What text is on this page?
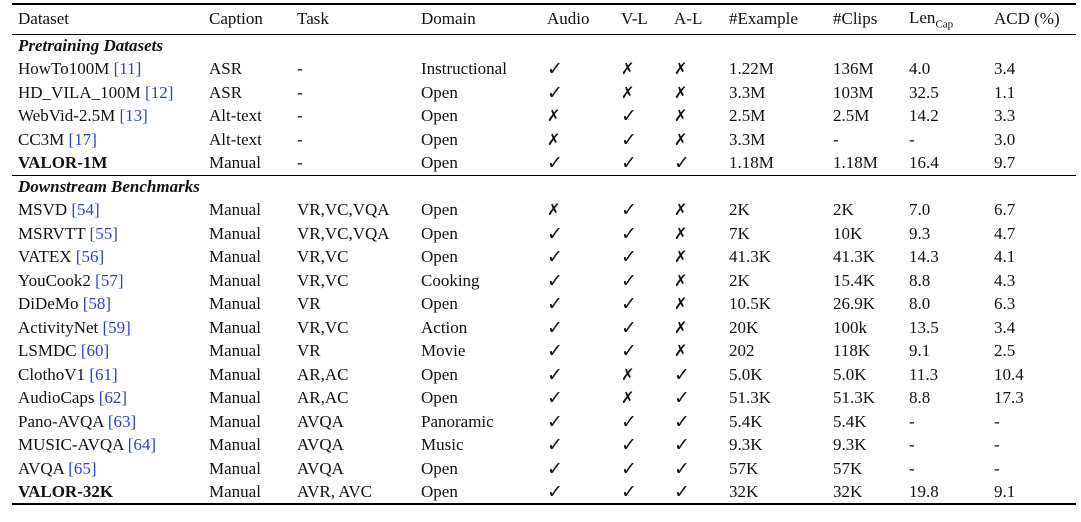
Dataset	Caption	Task	Domain	Audio	V-L	A-L	#Example	#Clips	Len$_{Cap}$	ACD (%)
Pretraining Datasets										
HowTo100M [11]	ASR	-	Instructional	✓	✗	✗	1.22M	136M	4.0	3.4
HD_VILA_100M [12]	ASR	-	Open	✓	✗	✗	3.3M	103M	32.5	1.1
WebVid-2.5M [13]	Alt-text	-	Open	✗	✓	✗	2.5M	2.5M	14.2	3.3
CC3M [17]	Alt-text	-	Open	✗	✓	✗	3.3M	-	-	3.0
VALOR-1M	Manual	-	Open	✓	✓	✓	1.18M	1.18M	16.4	9.7
Downstream Benchmarks										
MSVD [54]	Manual	VR,VC,VQA	Open	✗	✓	✗	2K	2K	7.0	6.7
MSRVTT [55]	Manual	VR,VC,VQA	Open	✓	✓	✗	7K	10K	9.3	4.7
VATEX [56]	Manual	VR,VC	Open	✓	✓	✗	41.3K	41.3K	14.3	4.1
YouCook2 [57]	Manual	VR,VC	Cooking	✓	✓	✗	2K	15.4K	8.8	4.3
DiDeMo [58]	Manual	VR	Open	✓	✓	✗	10.5K	26.9K	8.0	6.3
ActivityNet [59]	Manual	VR,VC	Action	✓	✓	✗	20K	100k	13.5	3.4
LSMDC [60]	Manual	VR	Movie	✓	✓	✗	202	118K	9.1	2.5
ClothoV1 [61]	Manual	AR,AC	Open	✓	✗	✓	5.0K	5.0K	11.3	10.4
AudioCaps [62]	Manual	AR,AC	Open	✓	✗	✓	51.3K	51.3K	8.8	17.3
Pano-AVQA [63]	Manual	AVQA	Panoramic	✓	✓	✓	5.4K	5.4K	-	-
MUSIC-AVQA [64]	Manual	AVQA	Music	✓	✓	✓	9.3K	9.3K	-	-
AVQA [65]	Manual	AVQA	Open	✓	✓	✓	57K	57K	-	-
VALOR-32K	Manual	AVR, AVC	Open	✓	✓	✓	32K	32K	19.8	9.1
